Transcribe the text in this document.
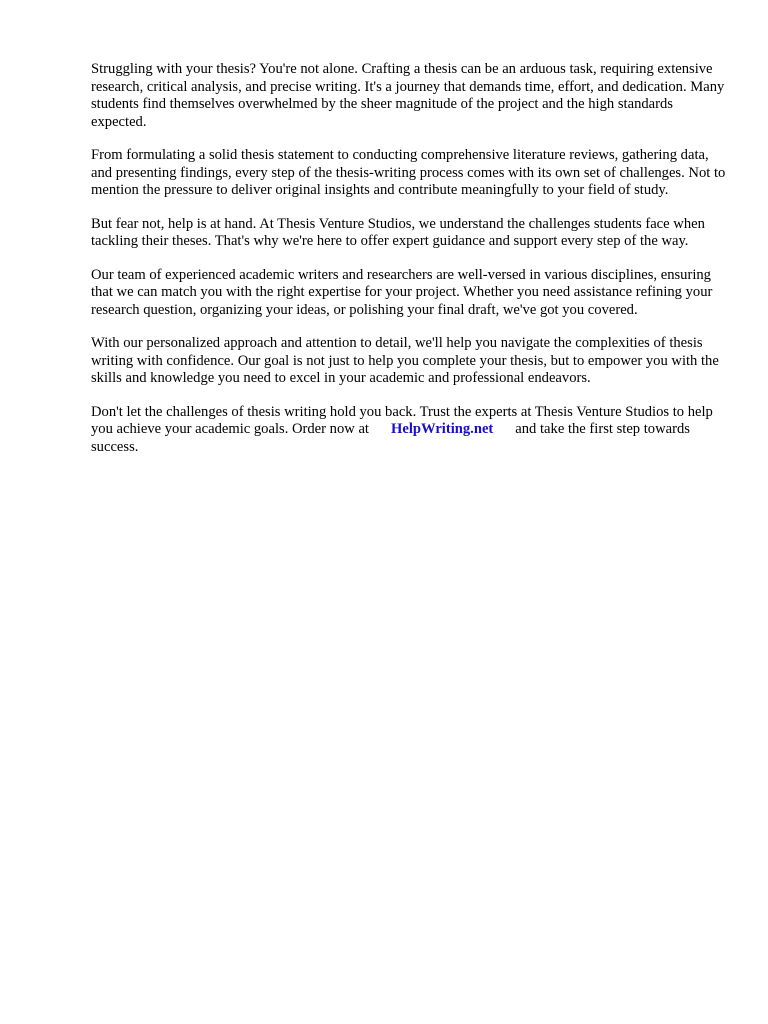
Struggling with your thesis? You're not alone. Crafting a thesis can be an arduous task, requiring extensive research, critical analysis, and precise writing. It's a journey that demands time, effort, and dedication. Many students find themselves overwhelmed by the sheer magnitude of the project and the high standards expected.

From formulating a solid thesis statement to conducting comprehensive literature reviews, gathering data, and presenting findings, every step of the thesis-writing process comes with its own set of challenges. Not to mention the pressure to deliver original insights and contribute meaningfully to your field of study.

But fear not, help is at hand. At Thesis Venture Studios, we understand the challenges students face when tackling their theses. That's why we're here to offer expert guidance and support every step of the way.

Our team of experienced academic writers and researchers are well-versed in various disciplines, ensuring that we can match you with the right expertise for your project. Whether you need assistance refining your research question, organizing your ideas, or polishing your final draft, we've got you covered.

With our personalized approach and attention to detail, we'll help you navigate the complexities of thesis writing with confidence. Our goal is not just to help you complete your thesis, but to empower you with the skills and knowledge you need to excel in your academic and professional endeavors.

Don't let the challenges of thesis writing hold you back. Trust the experts at Thesis Venture Studios to help you achieve your academic goals. Order now at HelpWriting.net and take the first step towards success.
